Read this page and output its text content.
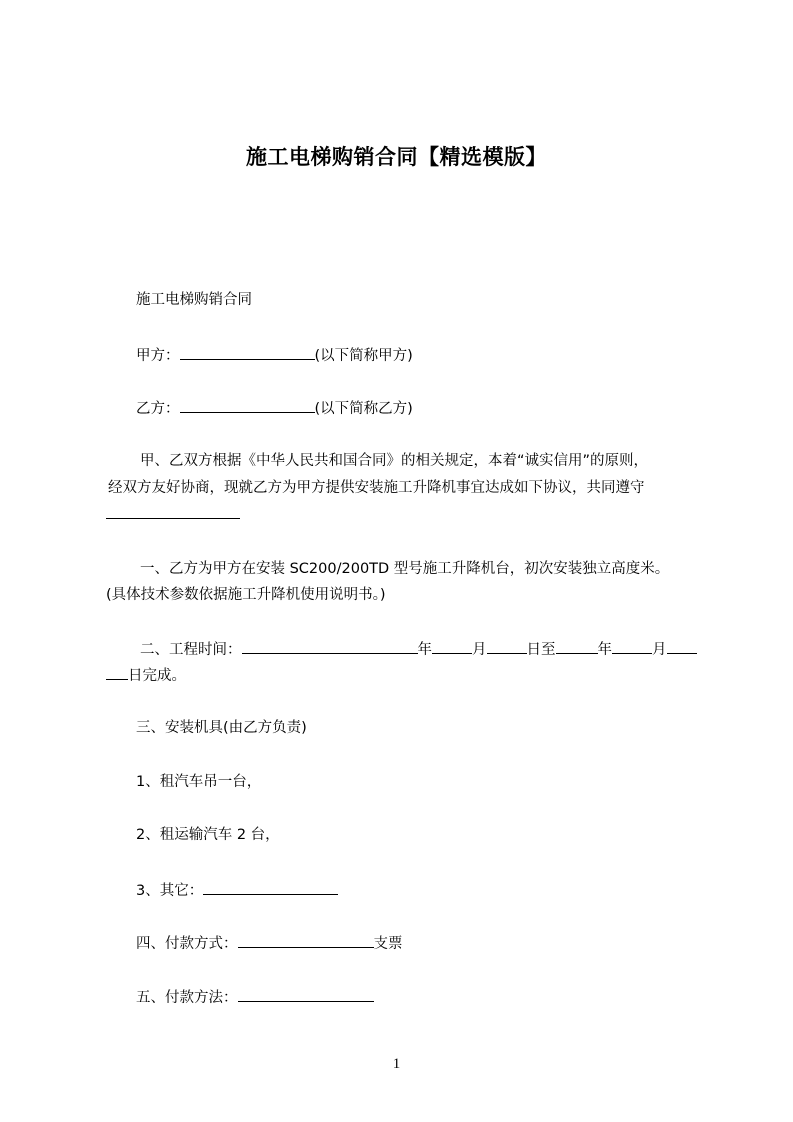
施工电梯购销合同【精选模版】
施工电梯购销合同
甲方：	(以下简称甲方)
乙方：	(以下简称乙方)
甲、乙双方根据《中华人民共和国合同》的相关规定，本着“诚实信用”的原则，
经双方友好协商，现就乙方为甲方提供安装施工升降机事宜达成如下协议，共同遵守
一、乙方为甲方在安装 SC200/200TD 型号施工升降机台，初次安装独立高度米。
(具体技术参数依据施工升降机使用说明书。)
二、工程时间：	年	月	日至	年	月
日完成。
三、安装机具(由乙方负责)
1、租汽车吊一台，
2、租运输汽车 2 台，
3、其它：
四、付款方式：	支票
五、付款方法：
1
